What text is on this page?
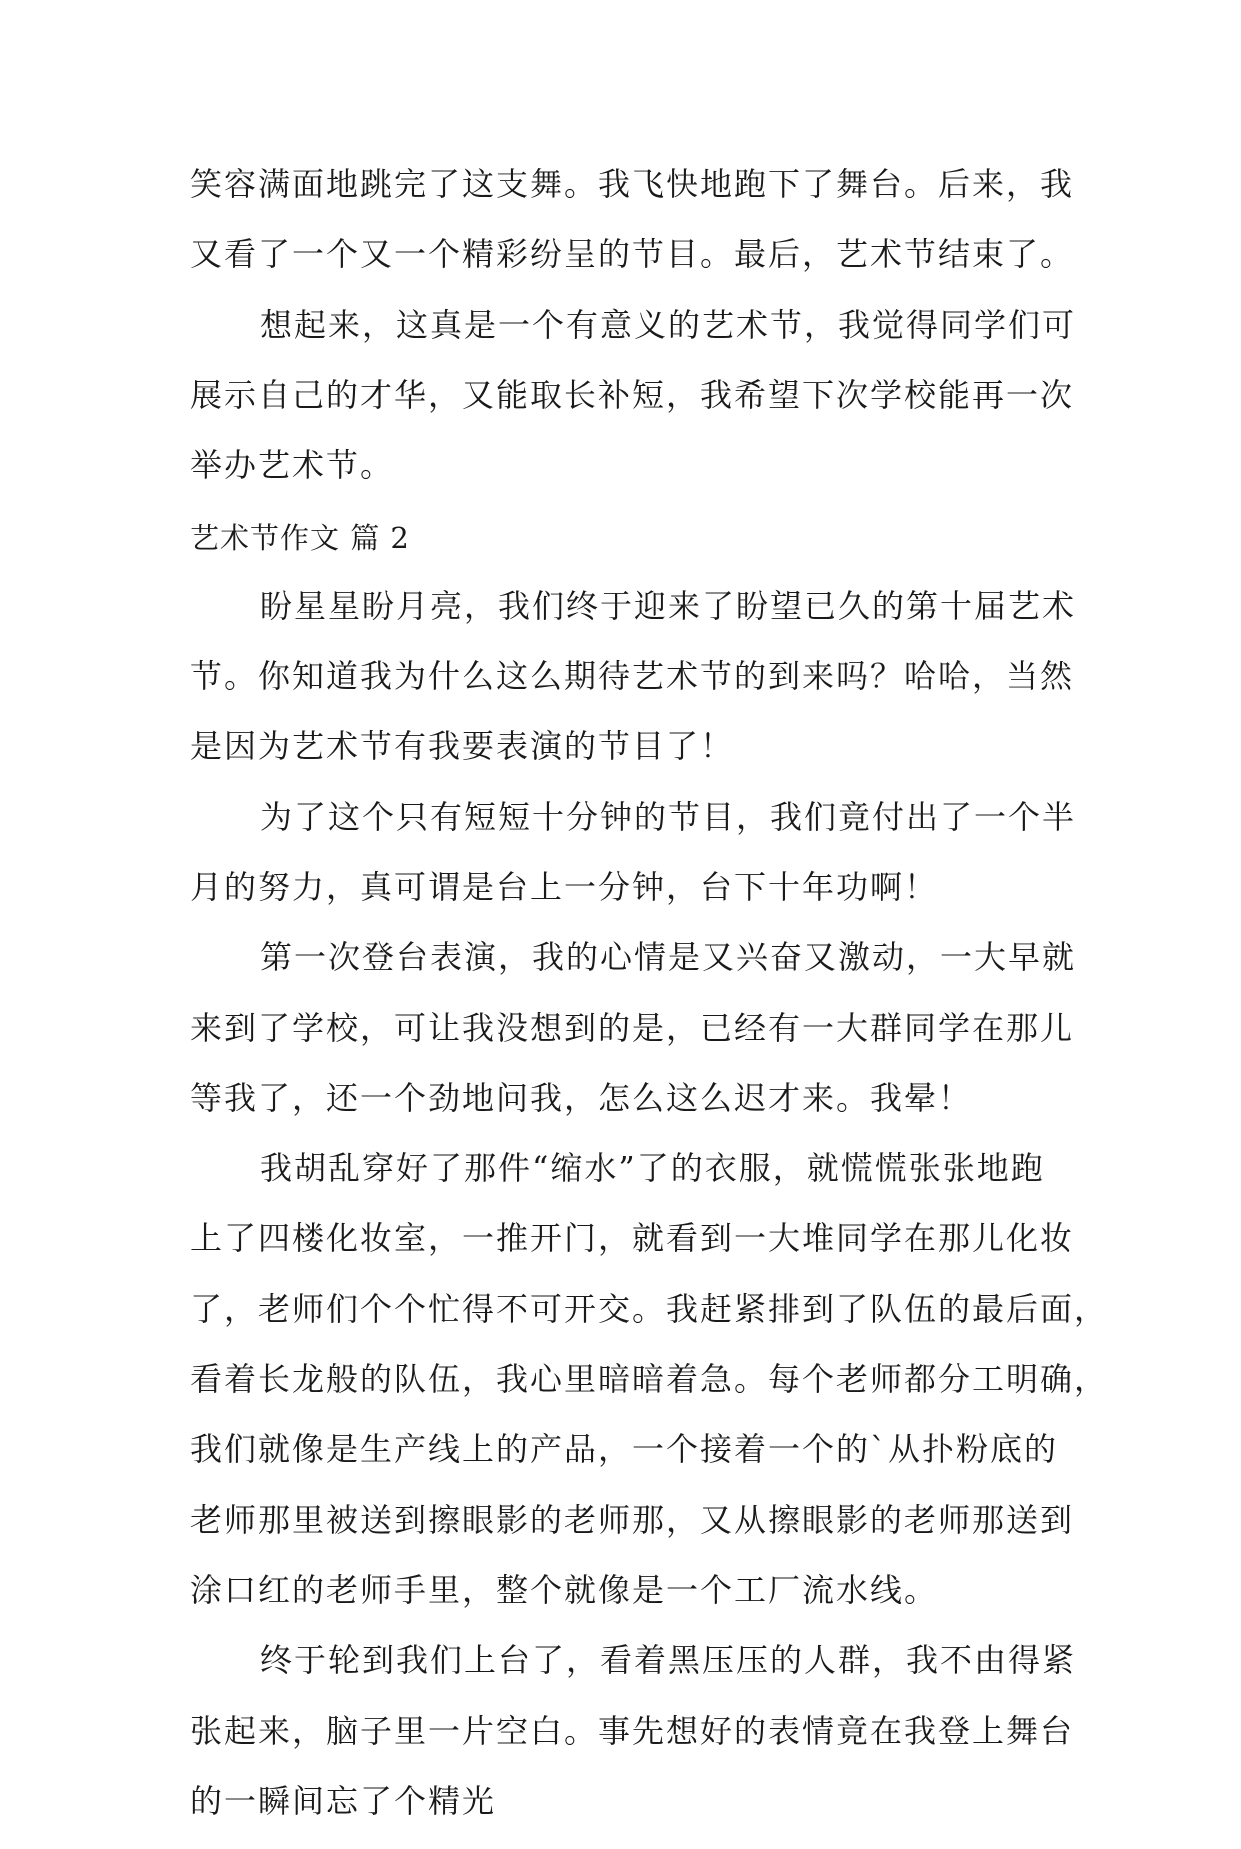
笑容满面地跳完了这支舞。我飞快地跑下了舞台。后来，我
又看了一个又一个精彩纷呈的节目。最后，艺术节结束了。
想起来，这真是一个有意义的艺术节，我觉得同学们可
展示自己的才华，又能取长补短，我希望下次学校能再一次
举办艺术节。
艺术节作文 篇 2
盼星星盼月亮，我们终于迎来了盼望已久的第十届艺术
节。你知道我为什么这么期待艺术节的到来吗？哈哈，当然
是因为艺术节有我要表演的节目了！
为了这个只有短短十分钟的节目，我们竟付出了一个半
月的努力，真可谓是台上一分钟，台下十年功啊！
第一次登台表演，我的心情是又兴奋又激动，一大早就
来到了学校，可让我没想到的是，已经有一大群同学在那儿
等我了，还一个劲地问我，怎么这么迟才来。我晕！
我胡乱穿好了那件“缩水”了的衣服，就慌慌张张地跑
上了四楼化妆室，一推开门，就看到一大堆同学在那儿化妆
了，老师们个个忙得不可开交。我赶紧排到了队伍的最后面，
看着长龙般的队伍，我心里暗暗着急。每个老师都分工明确，
我们就像是生产线上的产品，一个接着一个的`从扑粉底的
老师那里被送到擦眼影的老师那，又从擦眼影的老师那送到
涂口红的老师手里，整个就像是一个工厂流水线。
终于轮到我们上台了，看着黑压压的人群，我不由得紧
张起来，脑子里一片空白。事先想好的表情竟在我登上舞台
的一瞬间忘了个精光
